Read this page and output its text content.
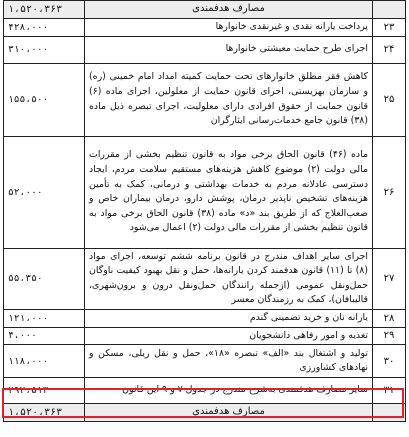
	مصارف هدفمندی	۱،۵۲۰،۳۶۳
۲۳	پرداخت یارانه نقدی و غیرنقدی خانوارها	۴۲۸،۰۰۰
۲۴	اجرای طرح حمایت معیشتی خانوارها	۳۱۰،۰۰۰
۲۵	کاهش فقر مطلق خانوارهای تحت حمایت کمیته امداد امام خمینی (ره) و سازمان بهزیستی، اجرای قانون حمایت از معلولین، اجرای ماده (۶) قانون حمایت از حقوق افرادی دارای معلولیت، اجرای تبصره ذیل ماده (۳۸) قانون جامع خدمات‌رسانی ایثارگران	۱۵۵،۵۰۰
۲۶	ماده (۴۶) قانون الحاق برخی مواد به قانون تنظیم بخشی از مقررات مالی دولت (۲) موضوع کاهش هزینه‌های مستقیم سلامت مردم، ایجاد دسترسی عادلانه مردم به خدمات بهداشتی و درمانی، کمک به تأمین هزینه‌های تشخیص ناپذیر درمان، پوشش دارو، درمان بیماران خاص و صعب‌العلاج که از طریق بند «د» ماده (۳۸) قانون الحاق برخی مواد به قانون تنظیم بخشی از مقررات مالی دولت (۲) اعمال می‌شود	۵۲،۰۰۰
۲۷	اجرای سایر اهداف مندرج در قانون برنامه ششم توسعه، اجرای مواد (۸) تا (۱۱) قانون هدفمند کردن یارانه‌ها، حمل و نقل بهبود کیفیت ناوگان حمل‌ونقل عمومی (ازجمله رانندگان حمل‌ونقل درون و برون‌شهری، قالیبافان)، کمک به رزمندگان معسر	۵۵،۳۵۰
۲۸	یارانه نان و خرید تضمینی گندم	۱۲۱،۰۰۰
۲۹	تغذیه و امور رفاهی دانشجویان	۴،۰۰۰
۳۰	تولید و اشتغال بند «الف» تبصره «۱۸»، حمل و نقل ریلی، مسکن و نهادهای کشاورزی	۱۱۸،۰۰۰
۳۱	سایر مصارف هدفمندی به‌شرح مندرج در جدول ۷ و ۹ این قانون	۲۹۲،۵۱۳
	مصارف هدفمندی	۱،۵۲۰،۳۶۳
